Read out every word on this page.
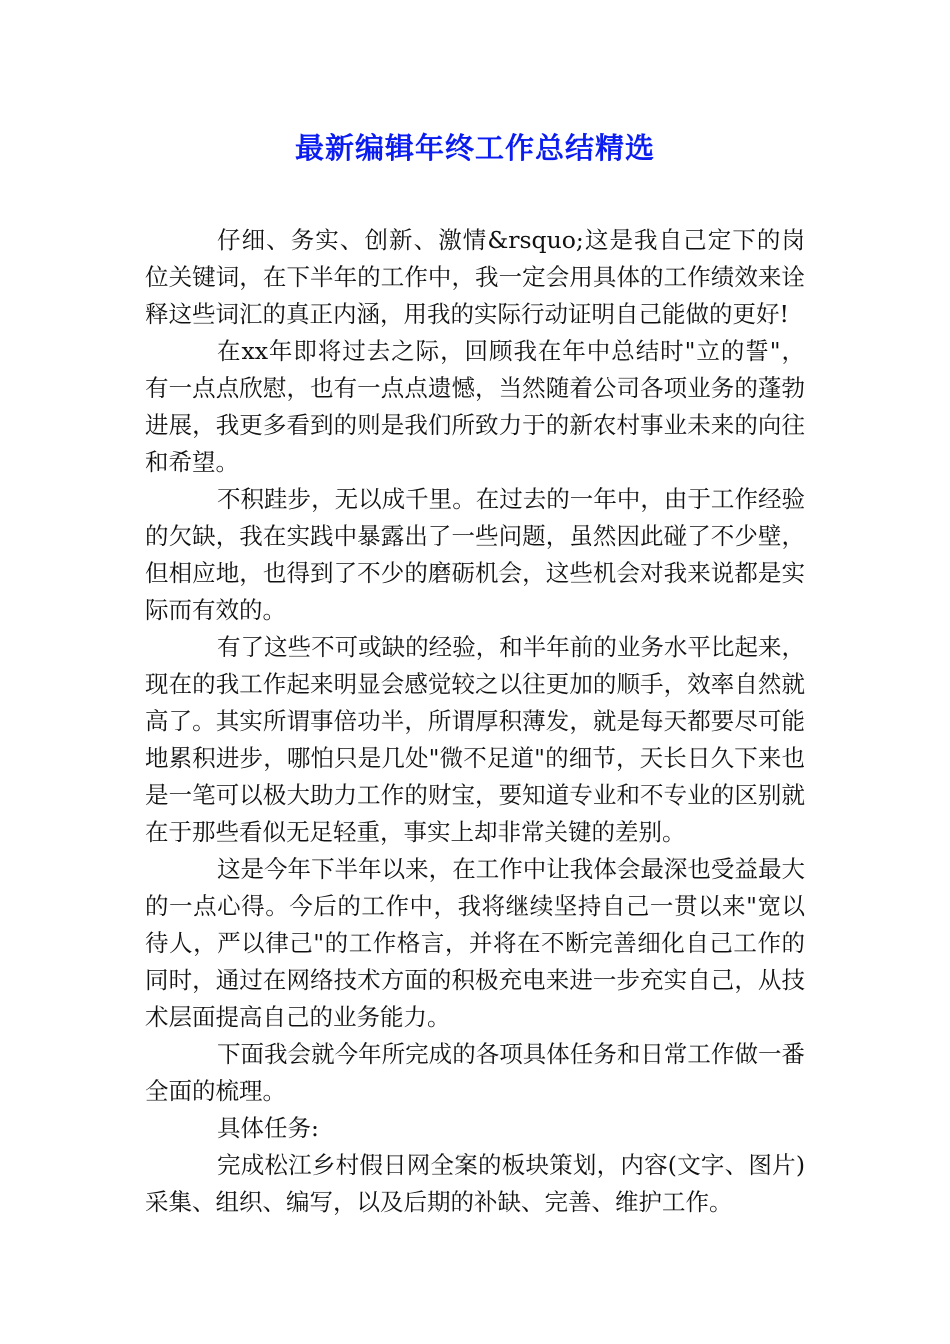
最新编辑年终工作总结精选

仔细、务实、创新、激情&rsquo;这是我自己定下的岗位关键词，在下半年的工作中，我一定会用具体的工作绩效来诠释这些词汇的真正内涵，用我的实际行动证明自己能做的更好!

在xx年即将过去之际，回顾我在年中总结时"立的誓"，有一点点欣慰，也有一点点遗憾，当然随着公司各项业务的蓬勃进展，我更多看到的则是我们所致力于的新农村事业未来的向往和希望。

不积跬步，无以成千里。在过去的一年中，由于工作经验的欠缺，我在实践中暴露出了一些问题，虽然因此碰了不少壁，但相应地，也得到了不少的磨砺机会，这些机会对我来说都是实际而有效的。

有了这些不可或缺的经验，和半年前的业务水平比起来，现在的我工作起来明显会感觉较之以往更加的顺手，效率自然就高了。其实所谓事倍功半，所谓厚积薄发，就是每天都要尽可能地累积进步，哪怕只是几处"微不足道"的细节，天长日久下来也是一笔可以极大助力工作的财宝，要知道专业和不专业的区别就在于那些看似无足轻重，事实上却非常关键的差别。

这是今年下半年以来，在工作中让我体会最深也受益最大的一点心得。今后的工作中，我将继续坚持自己一贯以来"宽以待人，严以律己"的工作格言，并将在不断完善细化自己工作的同时，通过在网络技术方面的积极充电来进一步充实自己，从技术层面提高自己的业务能力。

下面我会就今年所完成的各项具体任务和日常工作做一番全面的梳理。

具体任务:

完成松江乡村假日网全案的板块策划，内容(文字、图片)采集、组织、编写，以及后期的补缺、完善、维护工作。
